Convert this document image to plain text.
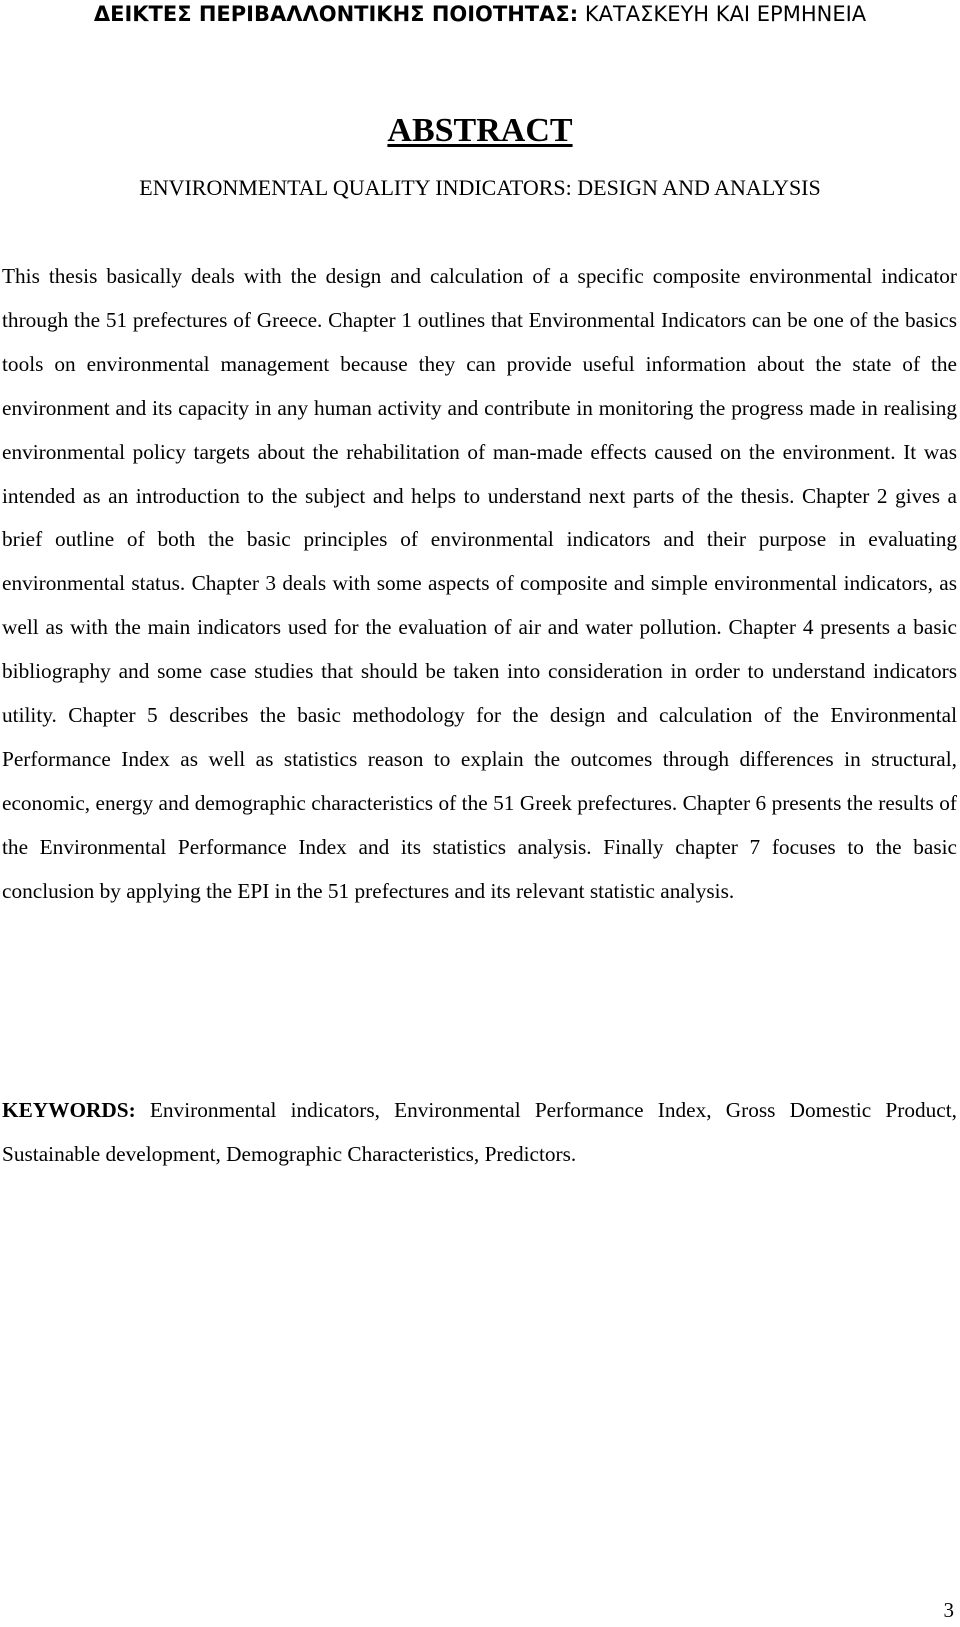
ΔΕΙΚΤΕΣ ΠΕΡΙΒΑΛΛΟΝΤΙΚΗΣ ΠΟΙΟΤΗΤΑΣ: ΚΑΤΑΣΚΕΥΗ ΚΑΙ ΕΡΜΗΝΕΙΑ
ABSTRACT
ENVIRONMENTAL QUALITY INDICATORS: DESIGN AND ANALYSIS

This thesis basically deals with the design and calculation of a specific composite environmental indicator through the 51 prefectures of Greece. Chapter 1 outlines that Environmental Indicators can be one of the basics tools on environmental management because they can provide useful information about the state of the environment and its capacity in any human activity and contribute in monitoring the progress made in realising environmental policy targets about the rehabilitation of man-made effects caused on the environment. It was intended as an introduction to the subject and helps to understand next parts of the thesis. Chapter 2 gives a brief outline of both the basic principles of environmental indicators and their purpose in evaluating environmental status. Chapter 3 deals with some aspects of composite and simple environmental indicators, as well as with the main indicators used for the evaluation of air and water pollution. Chapter 4 presents a basic bibliography and some case studies that should be taken into consideration in order to understand indicators utility. Chapter 5 describes the basic methodology for the design and calculation of the Environmental Performance Index as well as statistics reason to explain the outcomes through differences in structural, economic, energy and demographic characteristics of the 51 Greek prefectures. Chapter 6 presents the results of the Environmental Performance Index and its statistics analysis. Finally chapter 7 focuses to the basic conclusion by applying the EPI in the 51 prefectures and its relevant statistic analysis.

KEYWORDS: Environmental indicators, Environmental Performance Index, Gross Domestic Product, Sustainable development, Demographic Characteristics, Predictors.

3
